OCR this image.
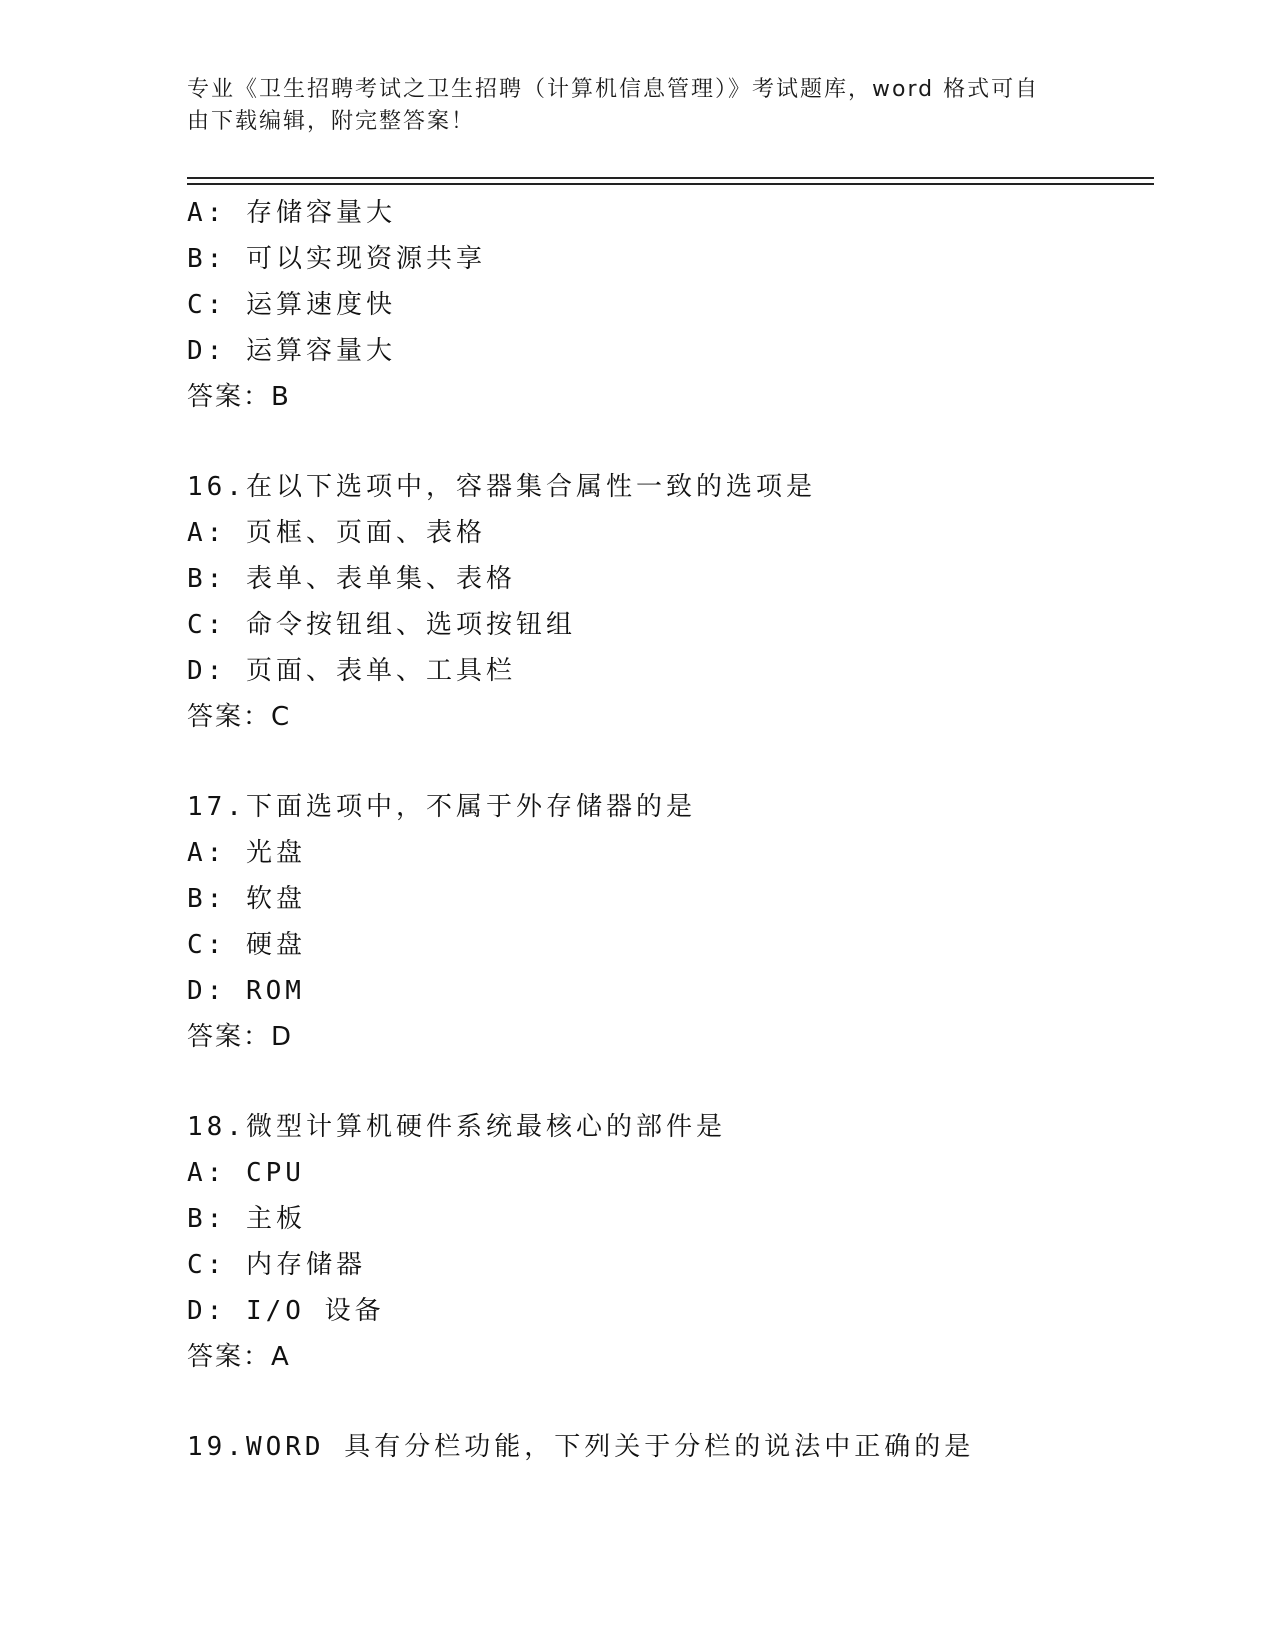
专业《卫生招聘考试之卫生招聘（计算机信息管理）》考试题库，word 格式可自
由下载编辑，附完整答案！
A: 存储容量大
B: 可以实现资源共享
C: 运算速度快
D: 运算容量大
答案：B
16.在以下选项中，容器集合属性一致的选项是
A: 页框、页面、表格
B: 表单、表单集、表格
C: 命令按钮组、选项按钮组
D: 页面、表单、工具栏
答案：C
17.下面选项中，不属于外存储器的是
A: 光盘
B: 软盘
C: 硬盘
D: ROM
答案：D
18.微型计算机硬件系统最核心的部件是
A: CPU
B: 主板
C: 内存储器
D: I/O 设备
答案：A
19.WORD 具有分栏功能，下列关于分栏的说法中正确的是
